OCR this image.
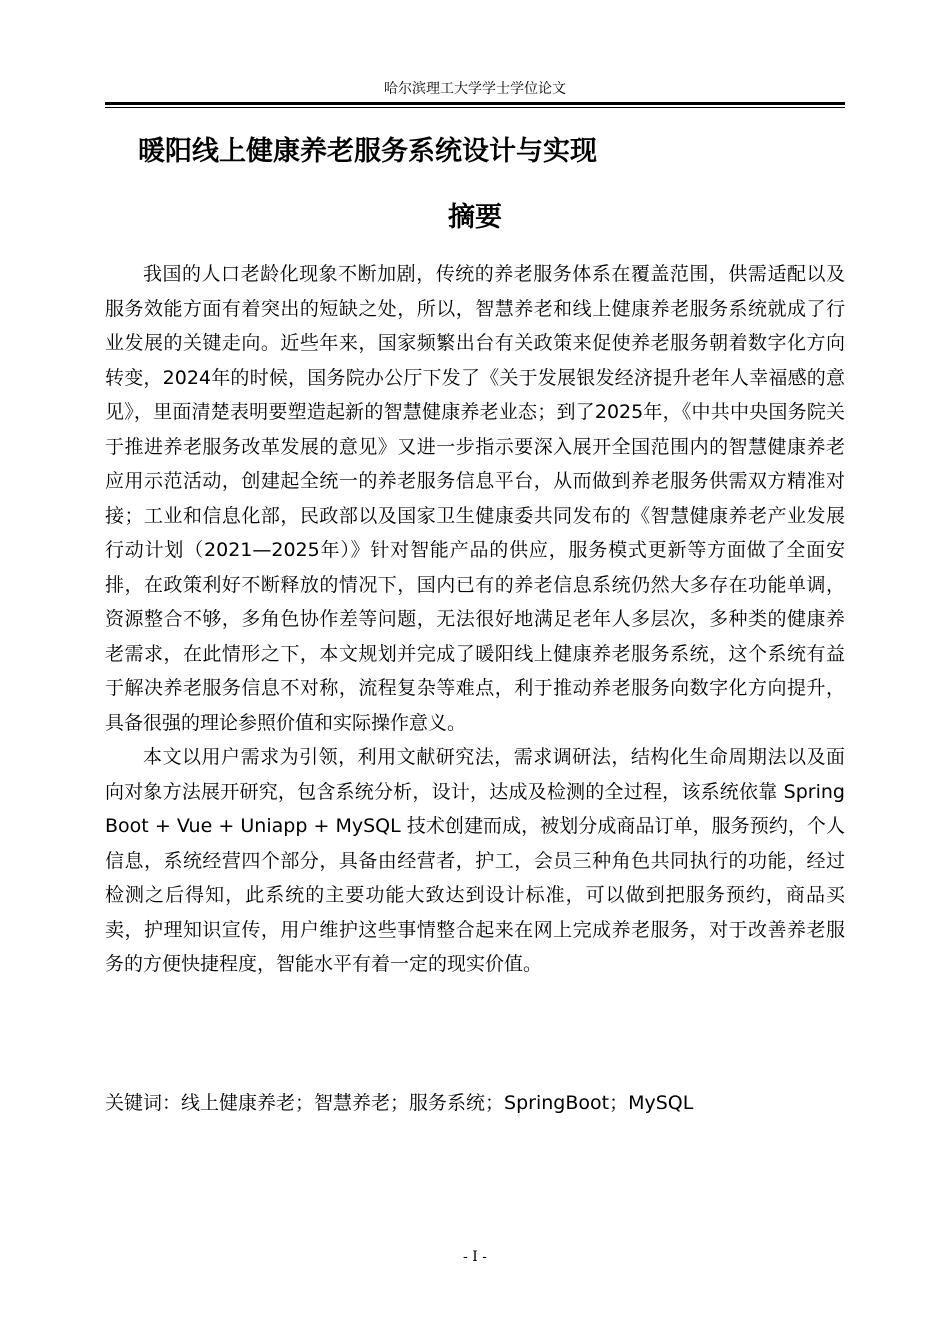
哈尔滨理工大学学士学位论文
暖阳线上健康养老服务系统设计与实现
摘要

我国的人口老龄化现象不断加剧，传统的养老服务体系在覆盖范围，供需适配以及服务效能方面有着突出的短缺之处，所以，智慧养老和线上健康养老服务系统就成了行业发展的关键走向。近些年来，国家频繁出台有关政策来促使养老服务朝着数字化方向转变，2024年的时候，国务院办公厅下发了《关于发展银发经济提升老年人幸福感的意见》，里面清楚表明要塑造起新的智慧健康养老业态；到了2025年，《中共中央国务院关于推进养老服务改革发展的意见》又进一步指示要深入展开全国范围内的智慧健康养老应用示范活动，创建起全统一的养老服务信息平台，从而做到养老服务供需双方精准对接；工业和信息化部，民政部以及国家卫生健康委共同发布的《智慧健康养老产业发展行动计划（2021—2025年）》针对智能产品的供应，服务模式更新等方面做了全面安排，在政策利好不断释放的情况下，国内已有的养老信息系统仍然大多存在功能单调，资源整合不够，多角色协作差等问题，无法很好地满足老年人多层次，多种类的健康养老需求，在此情形之下，本文规划并完成了暖阳线上健康养老服务系统，这个系统有益于解决养老服务信息不对称，流程复杂等难点，利于推动养老服务向数字化方向提升，具备很强的理论参照价值和实际操作意义。

本文以用户需求为引领，利用文献研究法，需求调研法，结构化生命周期法以及面向对象方法展开研究，包含系统分析，设计，达成及检测的全过程，该系统依靠 SpringBoot + Vue + Uniapp + MySQL 技术创建而成，被划分成商品订单，服务预约，个人信息，系统经营四个部分，具备由经营者，护工，会员三种角色共同执行的功能，经过检测之后得知，此系统的主要功能大致达到设计标准，可以做到把服务预约，商品买卖，护理知识宣传，用户维护这些事情整合起来在网上完成养老服务，对于改善养老服务的方便快捷程度，智能水平有着一定的现实价值。

关键词：线上健康养老；智慧养老；服务系统；SpringBoot；MySQL
- I -
